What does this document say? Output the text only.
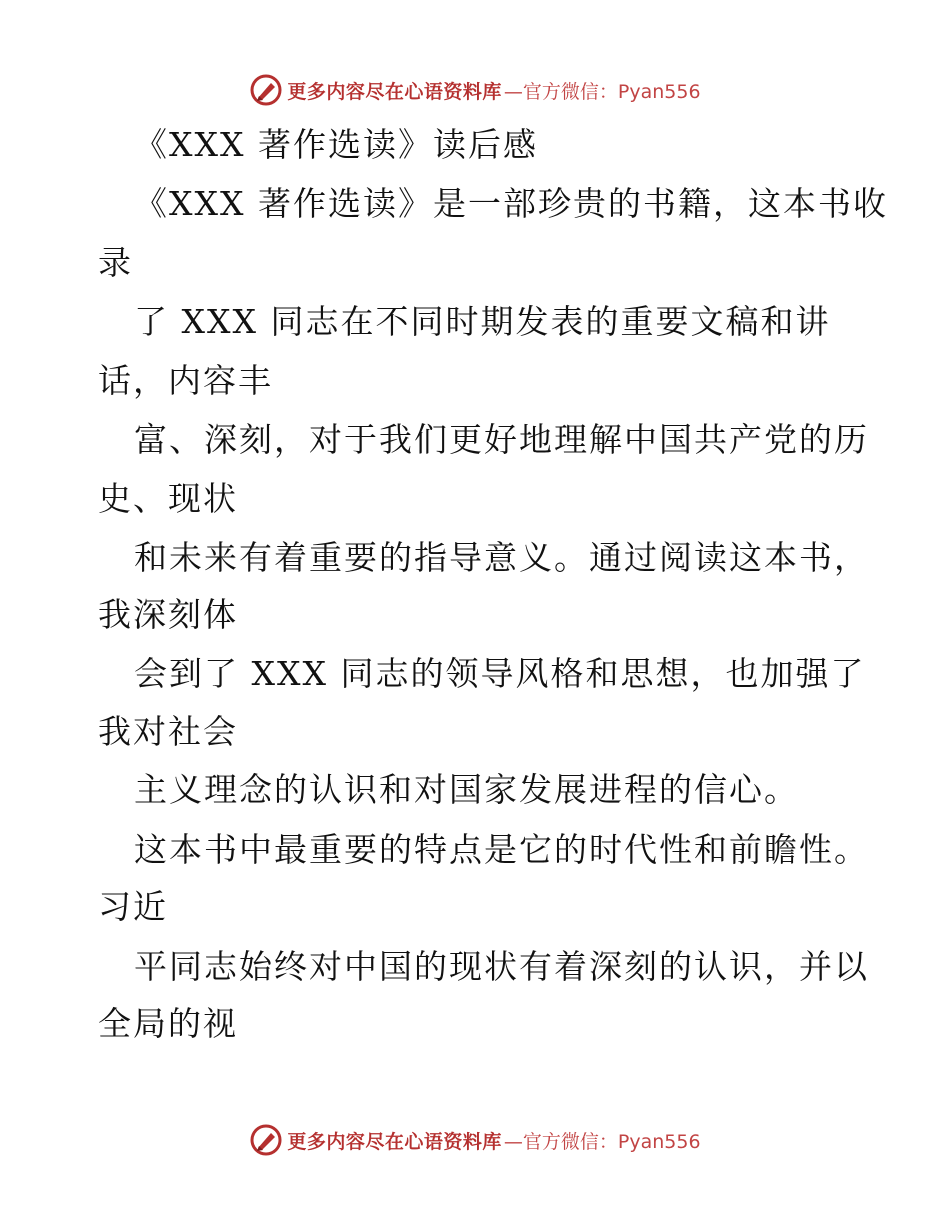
更多内容尽在心语资料库 —官方微信：Pyan556
《XXX 著作选读》读后感
《XXX 著作选读》是一部珍贵的书籍，这本书收
录
了 XXX 同志在不同时期发表的重要文稿和讲
话，内容丰
富、深刻，对于我们更好地理解中国共产党的历
史、现状
和未来有着重要的指导意义。通过阅读这本书，
我深刻体
会到了 XXX 同志的领导风格和思想，也加强了
我对社会
主义理念的认识和对国家发展进程的信心。
这本书中最重要的特点是它的时代性和前瞻性。
习近
平同志始终对中国的现状有着深刻的认识，并以
全局的视
更多内容尽在心语资料库 —官方微信：Pyan556
